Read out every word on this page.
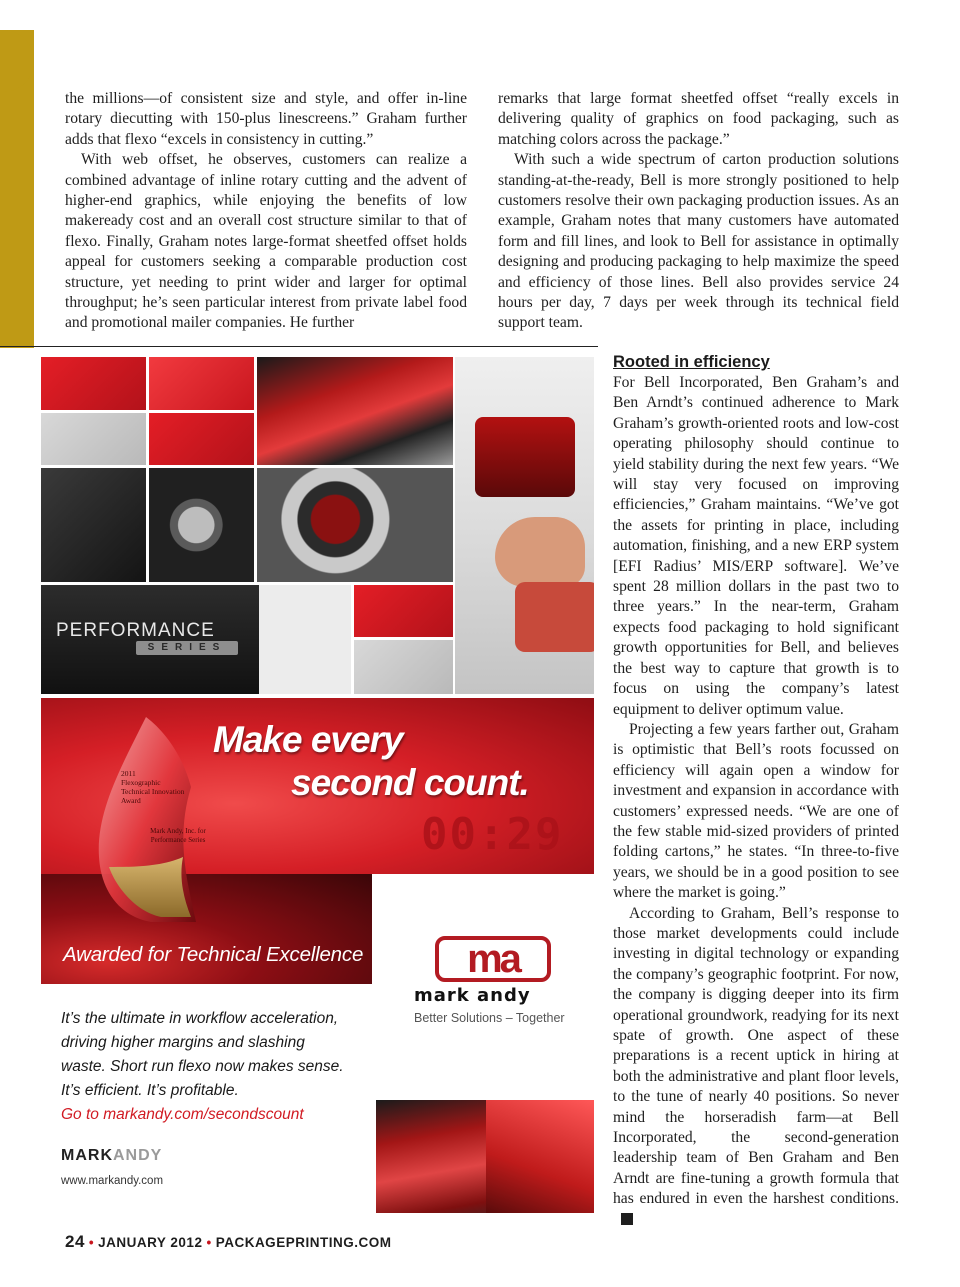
the millions—of consistent size and style, and offer in-line rotary diecutting with 150-plus linescreens.” Graham further adds that flexo “excels in consistency in cutting.”

With web offset, he observes, customers can realize a combined advantage of inline rotary cutting and the advent of higher-end graphics, while enjoying the benefits of low makeready cost and an overall cost structure similar to that of flexo. Finally, Graham notes large-format sheetfed offset holds appeal for customers seeking a comparable production cost structure, yet needing to print wider and larger for optimal throughput; he’s seen particular interest from private label food and promotional mailer companies. He further

remarks that large format sheetfed offset “really excels in delivering quality of graphics on food packaging, such as matching colors across the package.”

With such a wide spectrum of carton production solutions standing-at-the-ready, Bell is more strongly positioned to help customers resolve their own packaging production issues. As an example, Graham notes that many customers have automated form and fill lines, and look to Bell for assistance in optimally designing and producing packaging to help maximize the speed and efficiency of those lines. Bell also provides service 24 hours per day, 7 days per week through its technical field support team.

Rooted in efficiency

For Bell Incorporated, Ben Graham’s and Ben Arndt’s continued adherence to Mark Graham’s growth-oriented roots and low-cost operating philosophy should continue to yield stability during the next few years. “We will stay very focused on improving efficiencies,” Graham maintains. “We’ve got the assets for printing in place, including automation, finishing, and a new ERP system [EFI Radius’ MIS/ERP software]. We’ve spent 28 million dollars in the past two to three years.” In the near-term, Graham expects food packaging to hold significant growth opportunities for Bell, and believes the best way to capture that growth is to focus on using the company’s latest equipment to deliver optimum value.

Projecting a few years farther out, Graham is optimistic that Bell’s roots focussed on efficiency will again open a window for investment and expansion in accordance with customers’ expressed needs. “We are one of the few stable mid-sized providers of printed folding cartons,” he states. “In three-to-five years, we should be in a good position to see where the market is going.”

According to Graham, Bell’s response to those market developments could include investing in digital technology or expanding the company’s geographic footprint. For now, the company is digging deeper into its firm operational groundwork, readying for its next spate of growth. One aspect of these preparations is a recent uptick in hiring at both the administrative and plant floor levels, to the tune of nearly 40 positions. So never mind the horseradish farm—at Bell Incorporated, the second-generation leadership team of Ben Graham and Ben Arndt are fine-tuning a growth formula that has endured in even the harshest conditions.

PERFORMANCE
SERIES
Make every
second count.
00:29
2011
Flexographic Technical Innovation Award
Mark Andy, Inc. for Performance Series
Awarded for Technical Excellence	ma
mark andy
Better Solutions – Together
It’s the ultimate in workflow acceleration,
driving higher margins and slashing
waste. Short run flexo now makes sense.
It’s efficient. It’s profitable.
Go to markandy.com/secondscount
MARKANDY
www.markandy.com
24 • JANUARY 2012 • PACKAGEPRINTING.COM
